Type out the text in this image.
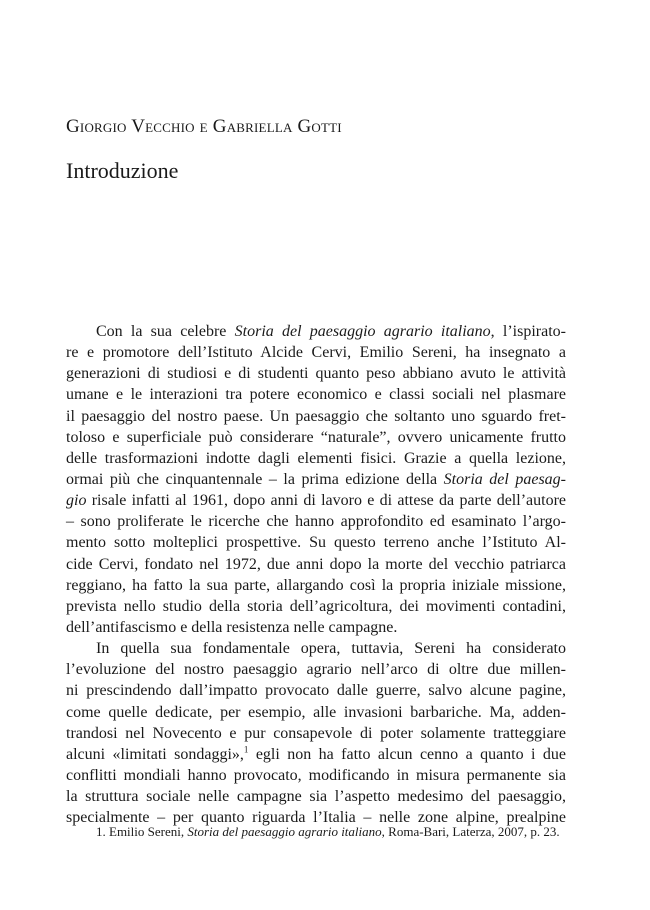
Giorgio Vecchio e Gabriella Gotti
Introduzione
Con la sua celebre Storia del paesaggio agrario italiano, l’ispirato-
re e promotore dell’Istituto Alcide Cervi, Emilio Sereni, ha insegnato a
generazioni di studiosi e di studenti quanto peso abbiano avuto le attività
umane e le interazioni tra potere economico e classi sociali nel plasmare
il paesaggio del nostro paese. Un paesaggio che soltanto uno sguardo fret-
toloso e superficiale può considerare “naturale”, ovvero unicamente frutto
delle trasformazioni indotte dagli elementi fisici. Grazie a quella lezione,
ormai più che cinquantennale – la prima edizione della Storia del paesag-
gio risale infatti al 1961, dopo anni di lavoro e di attese da parte dell’autore
– sono proliferate le ricerche che hanno approfondito ed esaminato l’argo-
mento sotto molteplici prospettive. Su questo terreno anche l’Istituto Al-
cide Cervi, fondato nel 1972, due anni dopo la morte del vecchio patriarca
reggiano, ha fatto la sua parte, allargando così la propria iniziale missione,
prevista nello studio della storia dell’agricoltura, dei movimenti contadini,
dell’antifascismo e della resistenza nelle campagne.
In quella sua fondamentale opera, tuttavia, Sereni ha considerato
l’evoluzione del nostro paesaggio agrario nell’arco di oltre due millen-
ni prescindendo dall’impatto provocato dalle guerre, salvo alcune pagine,
come quelle dedicate, per esempio, alle invasioni barbariche. Ma, adden-
trandosi nel Novecento e pur consapevole di poter solamente tratteggiare
alcuni «limitati sondaggi»,$^1$ egli non ha fatto alcun cenno a quanto i due
conflitti mondiali hanno provocato, modificando in misura permanente sia
la struttura sociale nelle campagne sia l’aspetto medesimo del paesaggio,
specialmente – per quanto riguarda l’Italia – nelle zone alpine, prealpine
1. Emilio Sereni, Storia del paesaggio agrario italiano, Roma-Bari, Laterza, 2007, p. 23.
